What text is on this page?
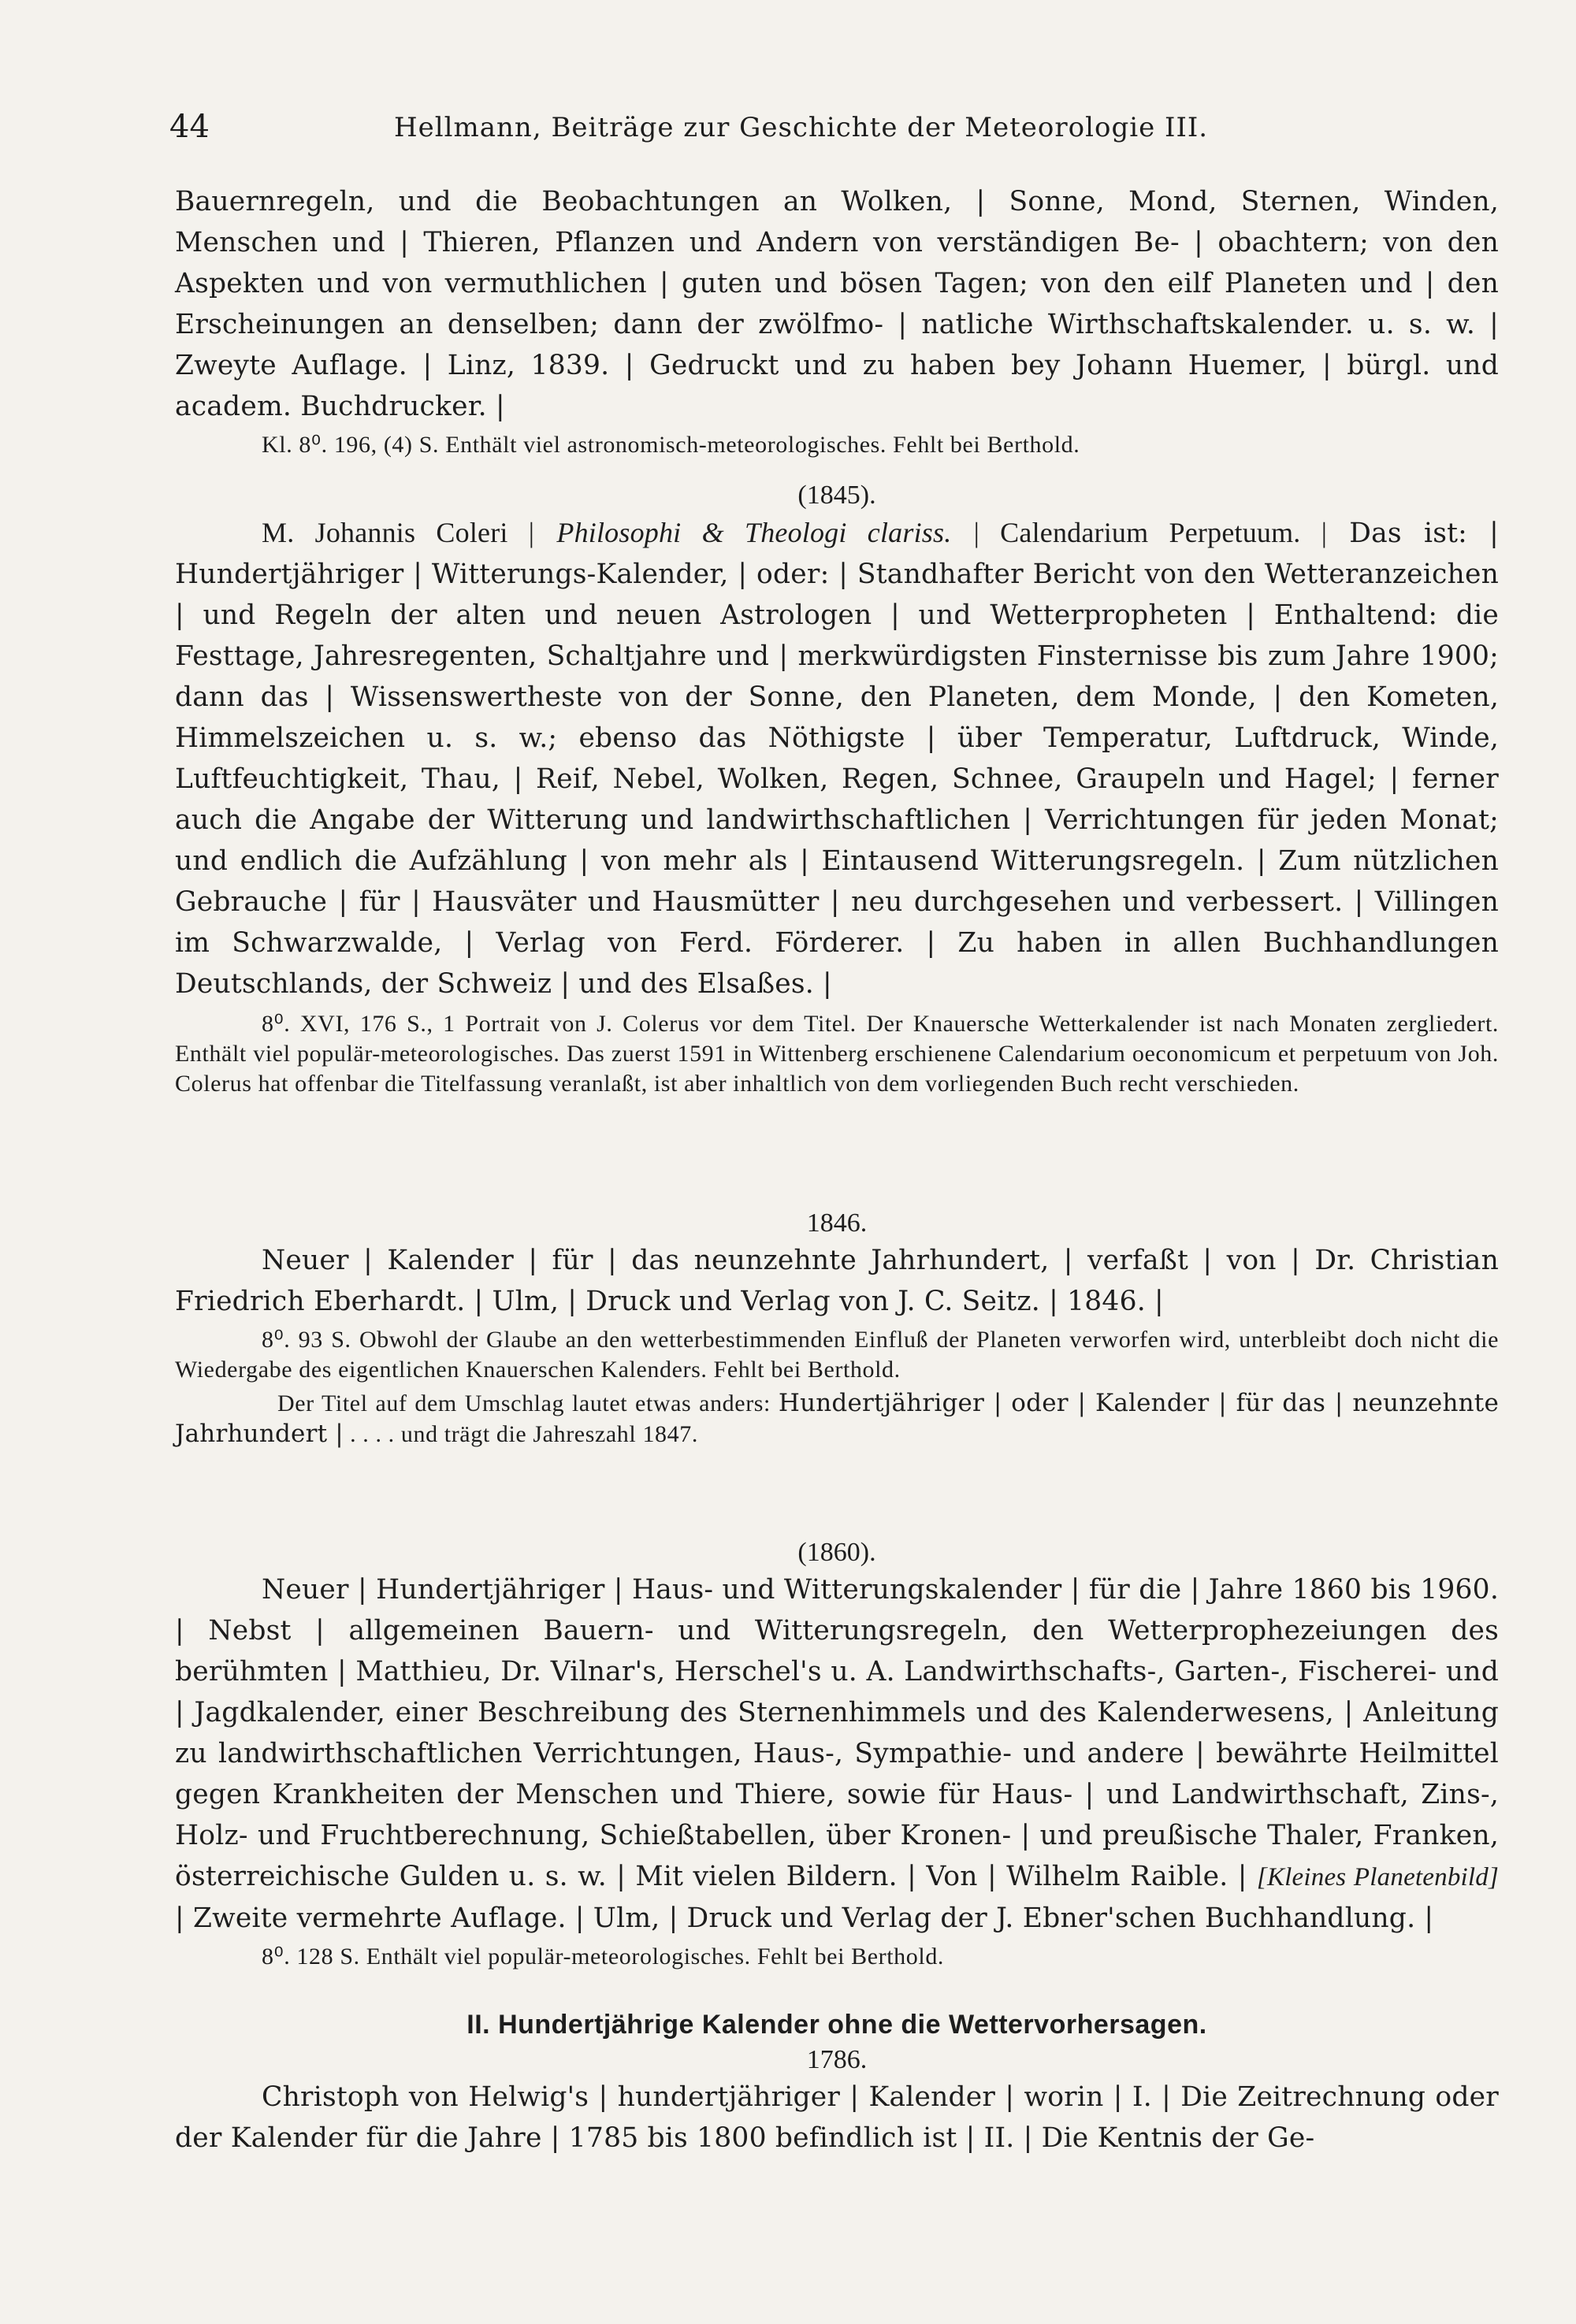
44	Hellmann, Beiträge zur Geschichte der Meteorologie III.

Bauernregeln, und die Beobachtungen an Wolken, | Sonne, Mond, Sternen, Winden, Menschen und | Thieren, Pflanzen und Andern von verständigen Be- | obachtern; von den Aspekten und von vermuthlichen | guten und bösen Tagen; von den eilf Planeten und | den Erscheinungen an denselben; dann der zwölfmo- | natliche Wirthschaftskalender. u. s. w. | Zweyte Auflage. | Linz, 1839. | Gedruckt und zu haben bey Johann Huemer, | bürgl. und academ. Buchdrucker. |

Kl. 8⁰. 196, (4) S. Enthält viel astronomisch-meteorologisches. Fehlt bei Berthold.

(1845).

M. Johannis Coleri | Philosophi & Theologi clariss. | Calendarium Perpetuum. | Das ist: | Hundertjähriger | Witterungs-Kalender, | oder: | Standhafter Bericht von den Wetteranzeichen | und Regeln der alten und neuen Astrologen | und Wetterpropheten | Enthaltend: die Festtage, Jahresregenten, Schaltjahre und | merkwürdigsten Finsternisse bis zum Jahre 1900; dann das | Wissenswertheste von der Sonne, den Planeten, dem Monde, | den Kometen, Himmelszeichen u. s. w.; ebenso das Nöthigste | über Temperatur, Luftdruck, Winde, Luftfeuchtigkeit, Thau, | Reif, Nebel, Wolken, Regen, Schnee, Graupeln und Hagel; | ferner auch die Angabe der Witterung und landwirthschaftlichen | Verrichtungen für jeden Monat; und endlich die Aufzählung | von mehr als | Eintausend Witterungsregeln. | Zum nützlichen Gebrauche | für | Hausväter und Hausmütter | neu durchgesehen und verbessert. | Villingen im Schwarzwalde, | Verlag von Ferd. Förderer. | Zu haben in allen Buchhandlungen Deutschlands, der Schweiz | und des Elsaßes. |

8⁰. XVI, 176 S., 1 Portrait von J. Colerus vor dem Titel. Der Knauersche Wetterkalender ist nach Monaten zergliedert. Enthält viel populär-meteorologisches. Das zuerst 1591 in Wittenberg erschienene Calendarium oeconomicum et perpetuum von Joh. Colerus hat offenbar die Titelfassung veranlaßt, ist aber inhaltlich von dem vorliegenden Buch recht verschieden.

1846.

Neuer | Kalender | für | das neunzehnte Jahrhundert, | verfaßt | von | Dr. Christian Friedrich Eberhardt. | Ulm, | Druck und Verlag von J. C. Seitz. | 1846. |

8⁰. 93 S. Obwohl der Glaube an den wetterbestimmenden Einfluß der Planeten verworfen wird, unterbleibt doch nicht die Wiedergabe des eigentlichen Knauerschen Kalenders. Fehlt bei Berthold.

Der Titel auf dem Umschlag lautet etwas anders: Hundertjähriger | oder | Kalender | für das | neunzehnte Jahrhundert | . . . . und trägt die Jahreszahl 1847.

(1860).

Neuer | Hundertjähriger | Haus- und Witterungskalender | für die | Jahre 1860 bis 1960. | Nebst | allgemeinen Bauern- und Witterungsregeln, den Wetterprophezeiungen des berühmten | Matthieu, Dr. Vilnar's, Herschel's u. A. Landwirthschafts-, Garten-, Fischerei- und | Jagdkalender, einer Beschreibung des Sternenhimmels und des Kalenderwesens, | Anleitung zu landwirthschaftlichen Verrichtungen, Haus-, Sympathie- und andere | bewährte Heilmittel gegen Krankheiten der Menschen und Thiere, sowie für Haus- | und Landwirthschaft, Zins-, Holz- und Fruchtberechnung, Schießtabellen, über Kronen- | und preußische Thaler, Franken, österreichische Gulden u. s. w. | Mit vielen Bildern. | Von | Wilhelm Raible. | [Kleines Planetenbild] | Zweite vermehrte Auflage. | Ulm, | Druck und Verlag der J. Ebner'schen Buchhandlung. |

8⁰. 128 S. Enthält viel populär-meteorologisches. Fehlt bei Berthold.

II. Hundertjährige Kalender ohne die Wettervorhersagen.

1786.

Christoph von Helwig's | hundertjähriger | Kalender | worin | I. | Die Zeitrechnung oder der Kalender für die Jahre | 1785 bis 1800 befindlich ist | II. | Die Kentnis der Ge-
